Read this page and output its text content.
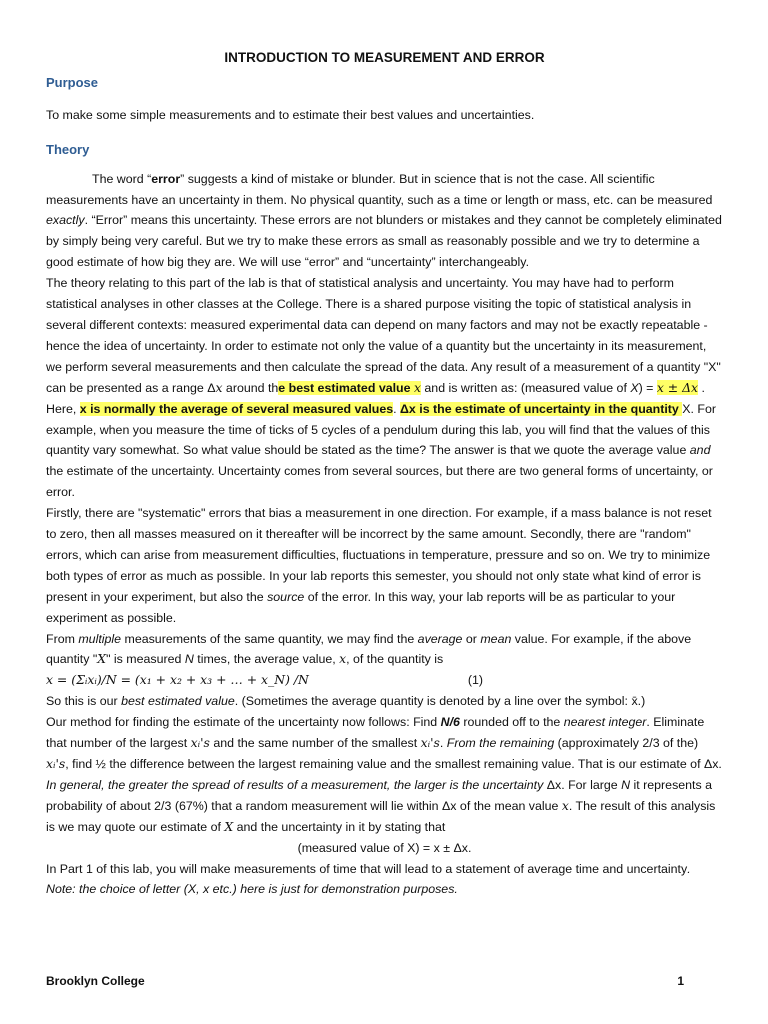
INTRODUCTION TO MEASUREMENT AND ERROR
Purpose

To make some simple measurements and to estimate their best values and uncertainties.

Theory

The word “error” suggests a kind of mistake or blunder. But in science that is not the case. All scientific measurements have an uncertainty in them. No physical quantity, such as a time or length or mass, etc. can be measured exactly. “Error” means this uncertainty. These errors are not blunders or mistakes and they cannot be completely eliminated by simply being very careful. But we try to make these errors as small as reasonably possible and we try to determine a good estimate of how big they are. We will use “error” and “uncertainty” interchangeably.

The theory relating to this part of the lab is that of statistical analysis and uncertainty. You may have had to perform statistical analyses in other classes at the College. There is a shared purpose visiting the topic of statistical analysis in several different contexts: measured experimental data can depend on many factors and may not be exactly repeatable - hence the idea of uncertainty. In order to estimate not only the value of a quantity but the uncertainty in its measurement, we perform several measurements and then calculate the spread of the data. Any result of a measurement of a quantity "X" can be presented as a range Δx around the best estimated value x and is written as: (measured value of X) = x ± Δx . Here, x is normally the average of several measured values. Δx is the estimate of uncertainty in the quantity X. For example, when you measure the time of ticks of 5 cycles of a pendulum during this lab, you will find that the values of this quantity vary somewhat. So what value should be stated as the time? The answer is that we quote the average value and the estimate of the uncertainty. Uncertainty comes from several sources, but there are two general forms of uncertainty, or error.

Firstly, there are "systematic" errors that bias a measurement in one direction. For example, if a mass balance is not reset to zero, then all masses measured on it thereafter will be incorrect by the same amount. Secondly, there are "random" errors, which can arise from measurement difficulties, fluctuations in temperature, pressure and so on. We try to minimize both types of error as much as possible. In your lab reports this semester, you should not only state what kind of error is present in your experiment, but also the source of the error. In this way, your lab reports will be as particular to your experiment as possible.

From multiple measurements of the same quantity, we may find the average or mean value. For example, if the above quantity "X" is measured N times, the average value, x, of the quantity is

x = (Σᵢxᵢ)/N = (x₁ + x₂ + x₃ + … + x_N) /N	(1)

So this is our best estimated value. (Sometimes the average quantity is denoted by a line over the symbol: x̄.)

Our method for finding the estimate of the uncertainty now follows: Find N/6 rounded off to the nearest integer. Eliminate that number of the largest xᵢ's and the same number of the smallest xᵢ's. From the remaining (approximately 2/3 of the) xᵢ's, find ½ the difference between the largest remaining value and the smallest remaining value. That is our estimate of Δx. In general, the greater the spread of results of a measurement, the larger is the uncertainty Δx. For large N it represents a probability of about 2/3 (67%) that a random measurement will lie within Δx of the mean value x. The result of this analysis is we may quote our estimate of X and the uncertainty in it by stating that

(measured value of X) = x ± Δx.

In Part 1 of this lab, you will make measurements of time that will lead to a statement of average time and uncertainty. Note: the choice of letter (X, x etc.) here is just for demonstration purposes.

Brooklyn College	1
